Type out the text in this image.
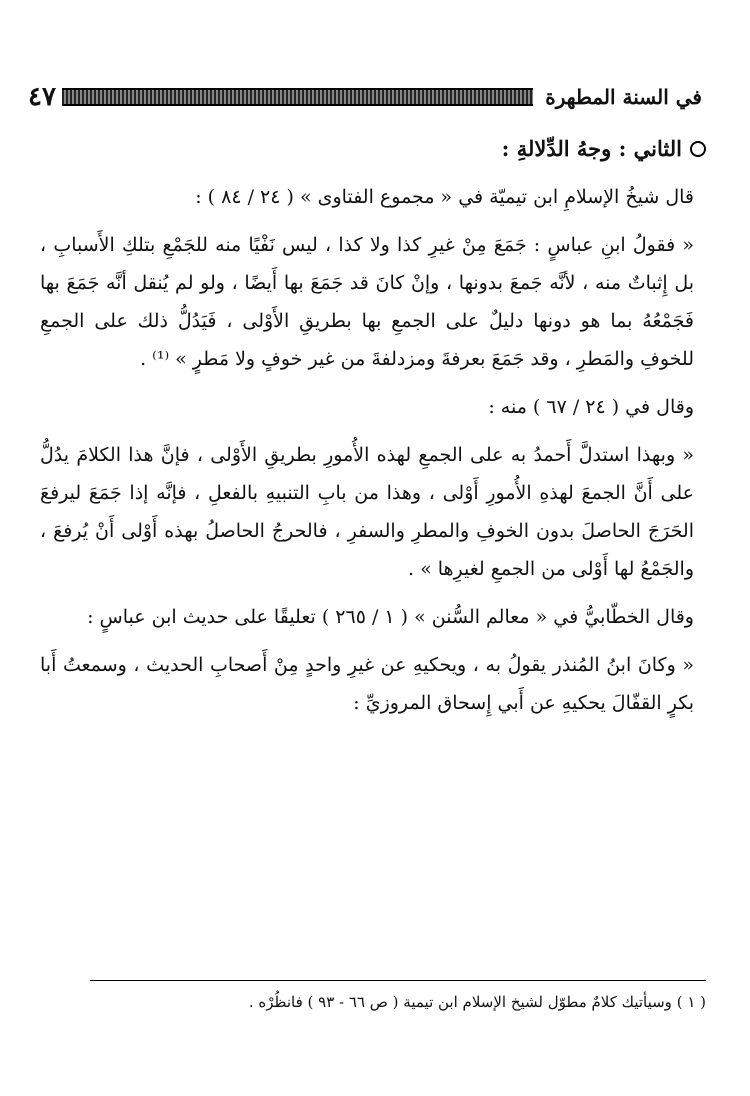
في السنة المطهرة
٤٧

الثاني : وجهُ الدِّلالةِ :

قال شيخُ الإسلامِ ابن تيميّة في « مجموع الفتاوى » ( ٢٤ / ٨٤ ) :

« فقولُ ابنِ عباسٍ : جَمَعَ مِنْ غيرِ كذا ولا كذا ، ليس نَفْيًا منه للجَمْعِ بتلكِ الأَسبابِ ، بل إِثباتٌ منه ، لأنَّه جَمعَ بدونها ، وإنْ كانَ قد جَمَعَ بها أَيضًا ، ولو لم يُنقل أنَّه جَمَعَ بها فَجَمْعُهُ بما هو دونها دليلٌ على الجمعِ بها بطريقِ الأَوْلى ، فَيَدُلُّ ذلك على الجمعِ للخوفِ والمَطرِ ، وقد جَمَعَ بعرفةَ ومزدلفةَ من غير خوفٍ ولا مَطرٍ » ⁽¹⁾ .

وقال في ( ٢٤ / ٦٧ ) منه :

« وبهذا استدلَّ أَحمدُ به على الجمعِ لهذه الأُمورِ بطريقِ الأَوْلى ، فإنَّ هذا الكلامَ يدُلُّ على أَنَّ الجمعَ لهذهِ الأُمورِ أَوْلى ، وهذا من بابِ التنبيهِ بالفعلِ ، فإنَّه إذا جَمَعَ ليرفعَ الحَرَجَ الحاصلَ بدون الخوفِ والمطرِ والسفرِ ، فالحرجُ الحاصلُ بهذه أَوْلى أَنْ يُرفعَ ، والجَمْعُ لها أَوْلى من الجمعِ لغيرِها » .

وقال الخطّابيُّ في « معالم السُّنن » ( ١ / ٢٦٥ ) تعليقًا على حديث ابن عباسٍ :

« وكانَ ابنُ المُنذر يقولُ به ، ويحكيهِ عن غيرِ واحدٍ مِنْ أَصحابِ الحديث ، وسمعتُ أَبا بكرٍ القفّالَ يحكيهِ عن أَبي إِسحاق المروزيِّ :

( ١ ) وسيأتيك كلامٌ مطوّل لشيخ الإسلام ابن تيمية ( ص ٦٦ - ٩٣ ) فانظُرْه .
